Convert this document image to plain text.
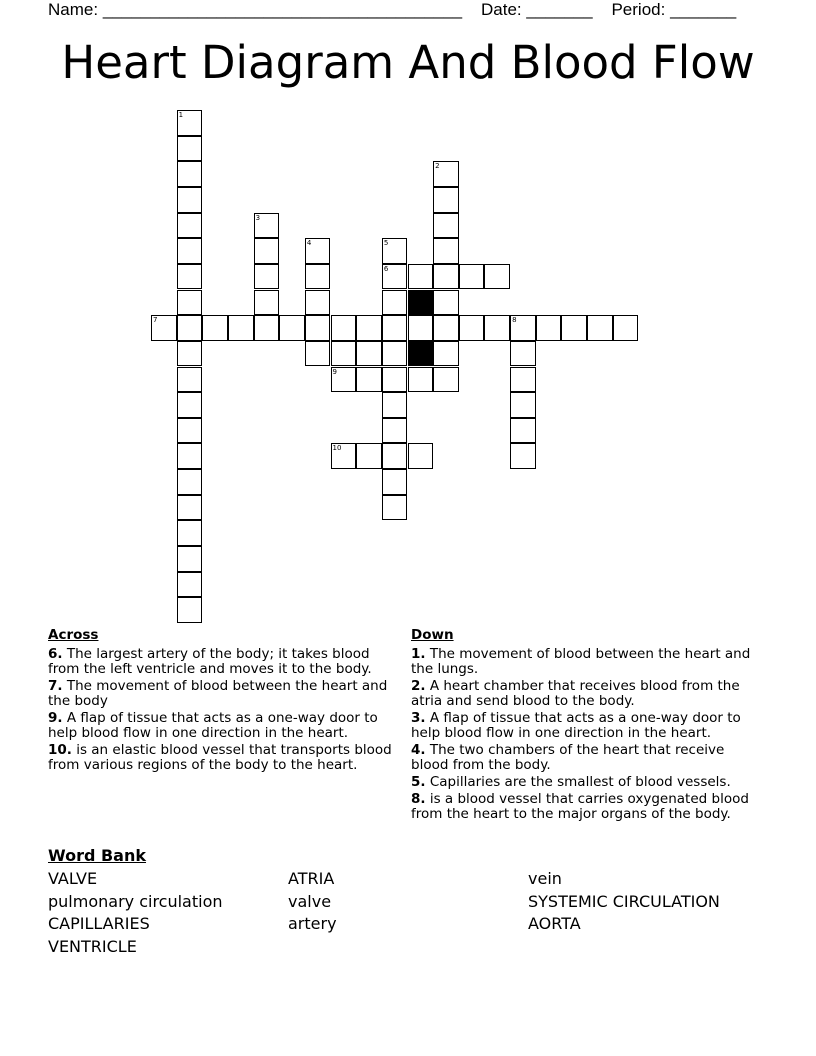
Name: ______________________________________ Date: _______ Period: _______
Heart Diagram And Blood Flow
1
2
3
4	5
6
7	8
9
10
Across
6. The largest artery of the body; it takes blood from the left ventricle and moves it to the body.
7. The movement of blood between the heart and the body
9. A flap of tissue that acts as a one-way door to help blood flow in one direction in the heart.
10. is an elastic blood vessel that transports blood from various regions of the body to the heart.
Down
1. The movement of blood between the heart and the lungs.
2. A heart chamber that receives blood from the atria and send blood to the body.
3. A flap of tissue that acts as a one-way door to help blood flow in one direction in the heart.
4. The two chambers of the heart that receive blood from the body.
5. Capillaries are the smallest of blood vessels.
8. is a blood vessel that carries oxygenated blood from the heart to the major organs of the body.
Word Bank
VALVE
pulmonary circulation
CAPILLARIES
VENTRICLE
ATRIA
valve
artery
vein
SYSTEMIC CIRCULATION
AORTA
